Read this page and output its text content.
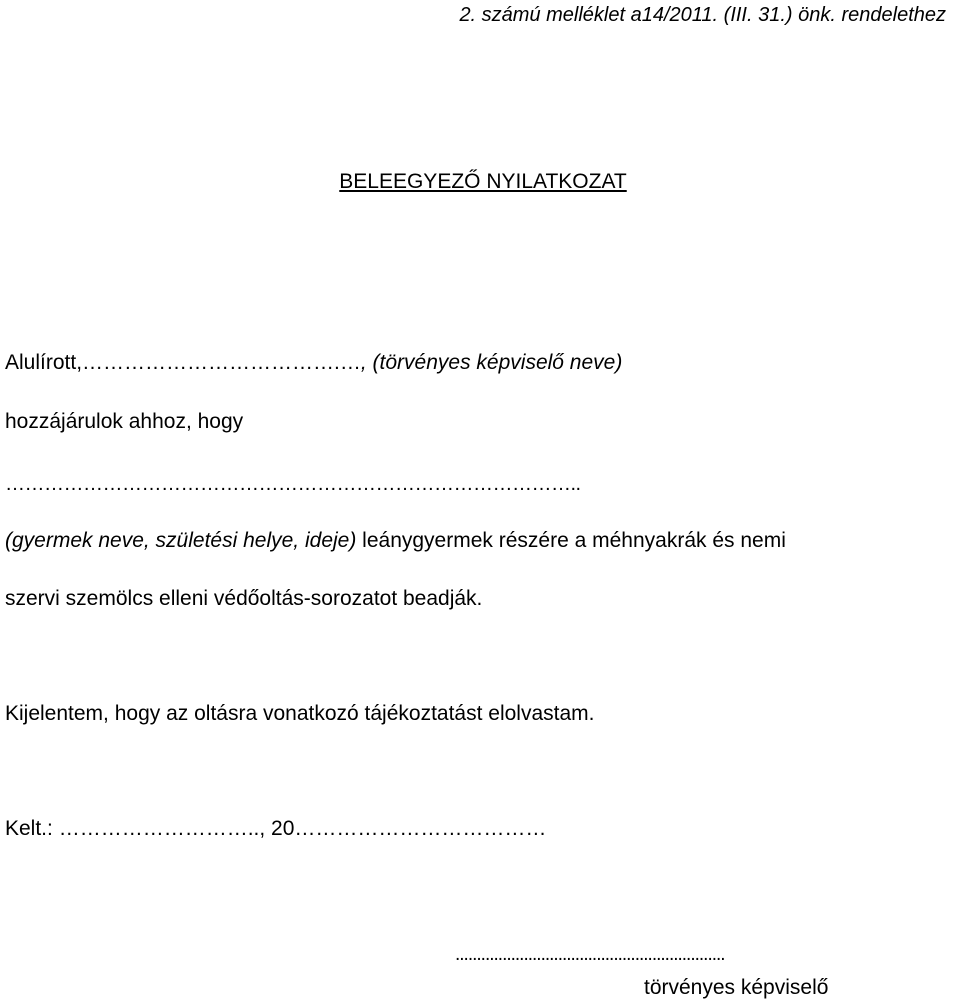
2. számú melléklet a14/2011. (III. 31.) önk. rendelethez
BELEEGYEZŐ NYILATKOZAT
Alulírott,……………………………….…, (törvényes képviselő neve)
hozzájárulok ahhoz, hogy
……………………………………………………………………………..
(gyermek neve, születési helye, ideje) leánygyermek részére a méhnyakrák és nemi
szervi szemölcs elleni védőoltás-sorozatot beadják.
Kijelentem, hogy az oltásra vonatkozó tájékoztatást elolvastam.
Kelt.: ……………………….., 20………………………………
...............................................................
törvényes képviselő
